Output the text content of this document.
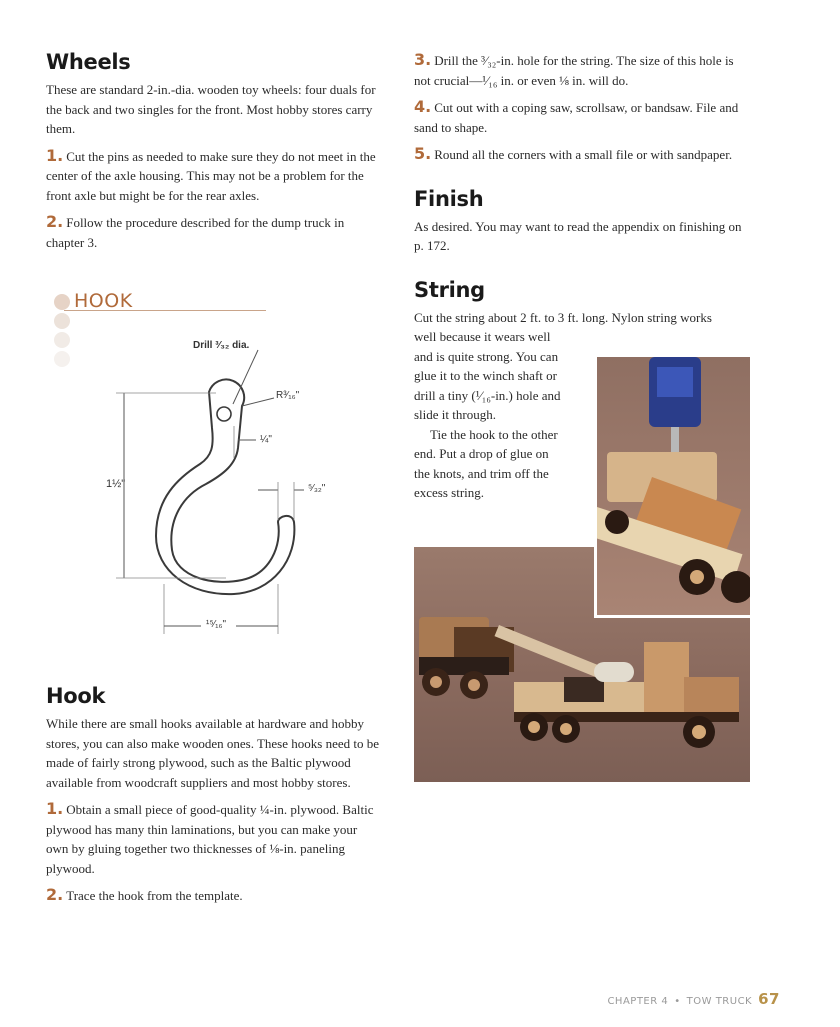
Wheels

These are standard 2-in.-dia. wooden toy wheels: four duals for the back and two singles for the front. Most hobby stores carry them.

1. Cut the pins as needed to make sure they do not meet in the center of the axle housing. This may not be a problem for the front axle but might be for the rear axles.

2. Follow the procedure described for the dump truck in chapter 3.

HOOK
Drill ³⁄₃₂ dia.
R³⁄₁₆"
¼"
1½"	⁵⁄₃₂"
¹⁵⁄₁₆"
Hook

While there are small hooks available at hardware and hobby stores, you can also make wooden ones. These hooks need to be made of fairly strong plywood, such as the Baltic plywood available from woodcraft suppliers and most hobby stores.

1. Obtain a small piece of good-quality ¼-in. plywood. Baltic plywood has many thin laminations, but you can make your own by gluing together two thicknesses of ⅛-in. paneling plywood.

2. Trace the hook from the template.

3. Drill the ³⁄₃₂-in. hole for the string. The size of this hole is not crucial—¹⁄₁₆ in. or even ⅛ in. will do.

4. Cut out with a coping saw, scrollsaw, or bandsaw. File and sand to shape.

5. Round all the corners with a small file or with sandpaper.

Finish

As desired. You may want to read the appendix on finishing on p. 172.

String
Cut the string about 2 ft. to 3 ft. long. Nylon string works
well because it wears well
and is quite strong. You can
glue it to the winch shaft or
drill a tiny (¹⁄₁₆-in.) hole and
slide it through.
Tie the hook to the other
end. Put a drop of glue on
the knots, and trim off the
excess string.
CHAPTER 4 • TOW TRUCK 67
